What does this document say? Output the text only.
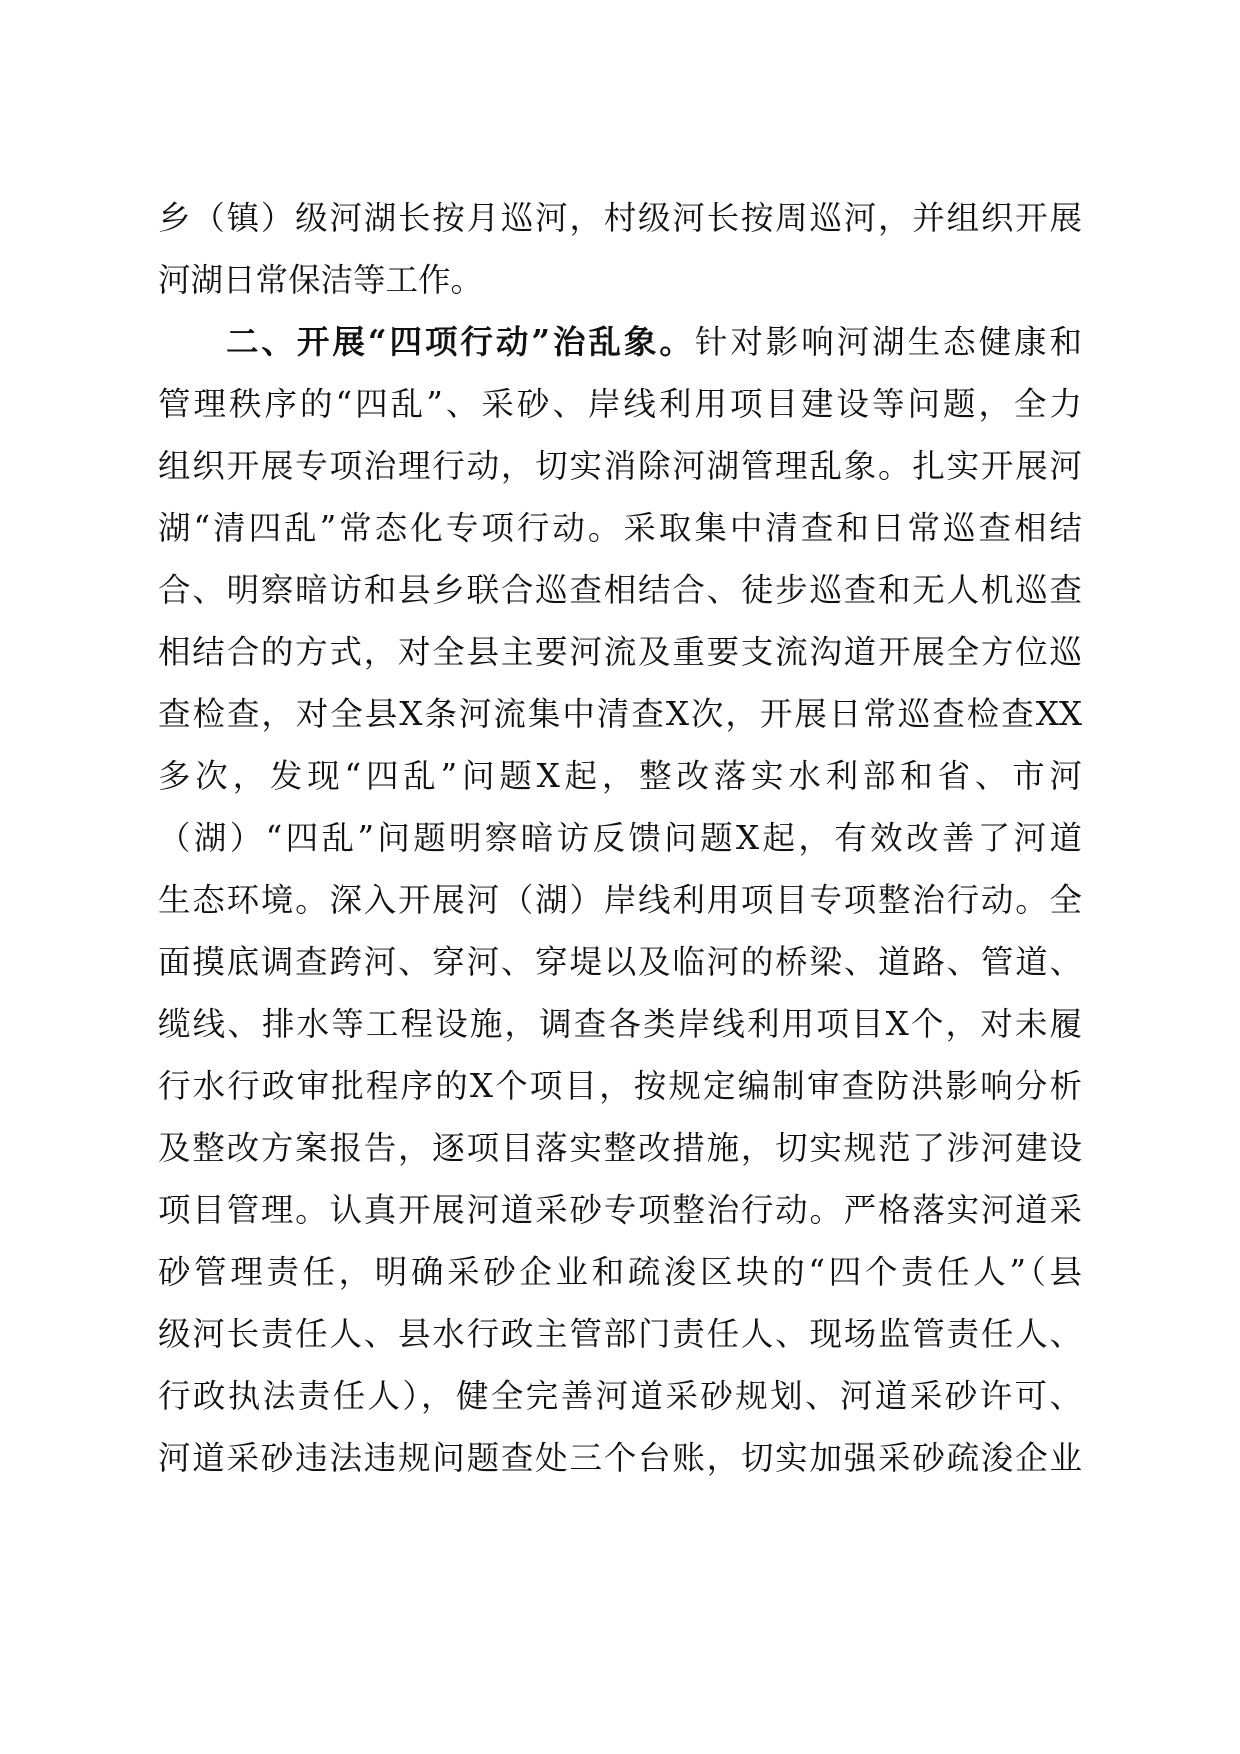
乡（镇）级河湖长按月巡河，村级河长按周巡河，并组织开展
河湖日常保洁等工作。
二、开展“四项行动”治乱象。针对影响河湖生态健康和
管理秩序的“四乱”、采砂、岸线利用项目建设等问题，全力
组织开展专项治理行动，切实消除河湖管理乱象。扎实开展河
湖“清四乱”常态化专项行动。采取集中清查和日常巡查相结
合、明察暗访和县乡联合巡查相结合、徒步巡查和无人机巡查
相结合的方式，对全县主要河流及重要支流沟道开展全方位巡
查检查，对全县X条河流集中清查X次，开展日常巡查检查XX
多次，发现“四乱”问题X起，整改落实水利部和省、市河
（湖）“四乱”问题明察暗访反馈问题X起，有效改善了河道
生态环境。深入开展河（湖）岸线利用项目专项整治行动。全
面摸底调查跨河、穿河、穿堤以及临河的桥梁、道路、管道、
缆线、排水等工程设施，调查各类岸线利用项目X个，对未履
行水行政审批程序的X个项目，按规定编制审查防洪影响分析
及整改方案报告，逐项目落实整改措施，切实规范了涉河建设
项目管理。认真开展河道采砂专项整治行动。严格落实河道采
砂管理责任，明确采砂企业和疏浚区块的“四个责任人”（县
级河长责任人、县水行政主管部门责任人、现场监管责任人、
行政执法责任人），健全完善河道采砂规划、河道采砂许可、
河道采砂违法违规问题查处三个台账，切实加强采砂疏浚企业
